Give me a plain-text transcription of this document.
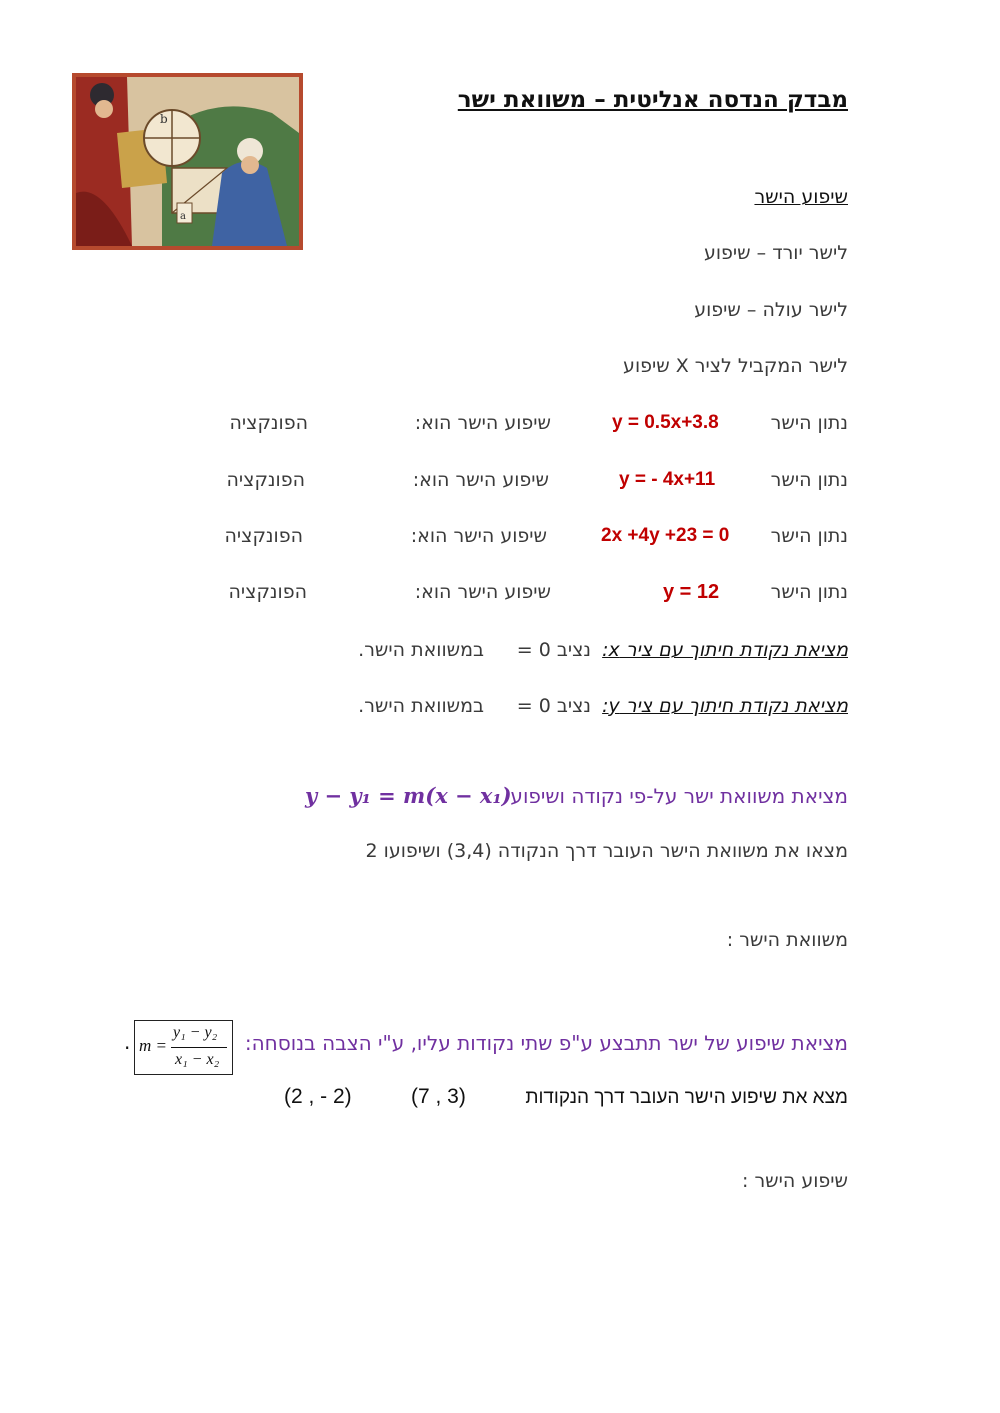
b
a
מבדק הנדסה אנליטית – משוואת ישר
שיפוע הישר
לישר יורד – שיפוע
לישר עולה – שיפוע
לישר המקביל לציר X שיפוע
נתון הישר
y = 0.5x+3.8
שיפוע הישר הוא:
הפונקציה
נתון הישר
y = - 4x+11
שיפוע הישר הוא:
הפונקציה
נתון הישר
2x +4y +23 = 0
שיפוע הישר הוא:
הפונקציה
נתון הישר
y = 12
שיפוע הישר הוא:
הפונקציה
מציאת נקודת חיתוך עם ציר x:
נציב 0 =
במשוואת הישר.
מציאת נקודת חיתוך עם ציר y:
נציב 0 =
במשוואת הישר.
מציאת משוואת ישר על-פי נקודה ושיפוע
y − y₁ = m(x − x₁)
מצאו את משוואת הישר העובר דרך הנקודה (3,4) ושיפועו 2
משוואת הישר :
מציאת שיפוע של ישר תתבצע ע"פ שתי נקודות עליו, ע"י הצבה בנוסחה:
. m =
y₁ − y₂
x₁ − x₂
מצא את שיפוע הישר העובר דרך הנקודות
(7 , 3)
(2 , - 2)
שיפוע הישר :
